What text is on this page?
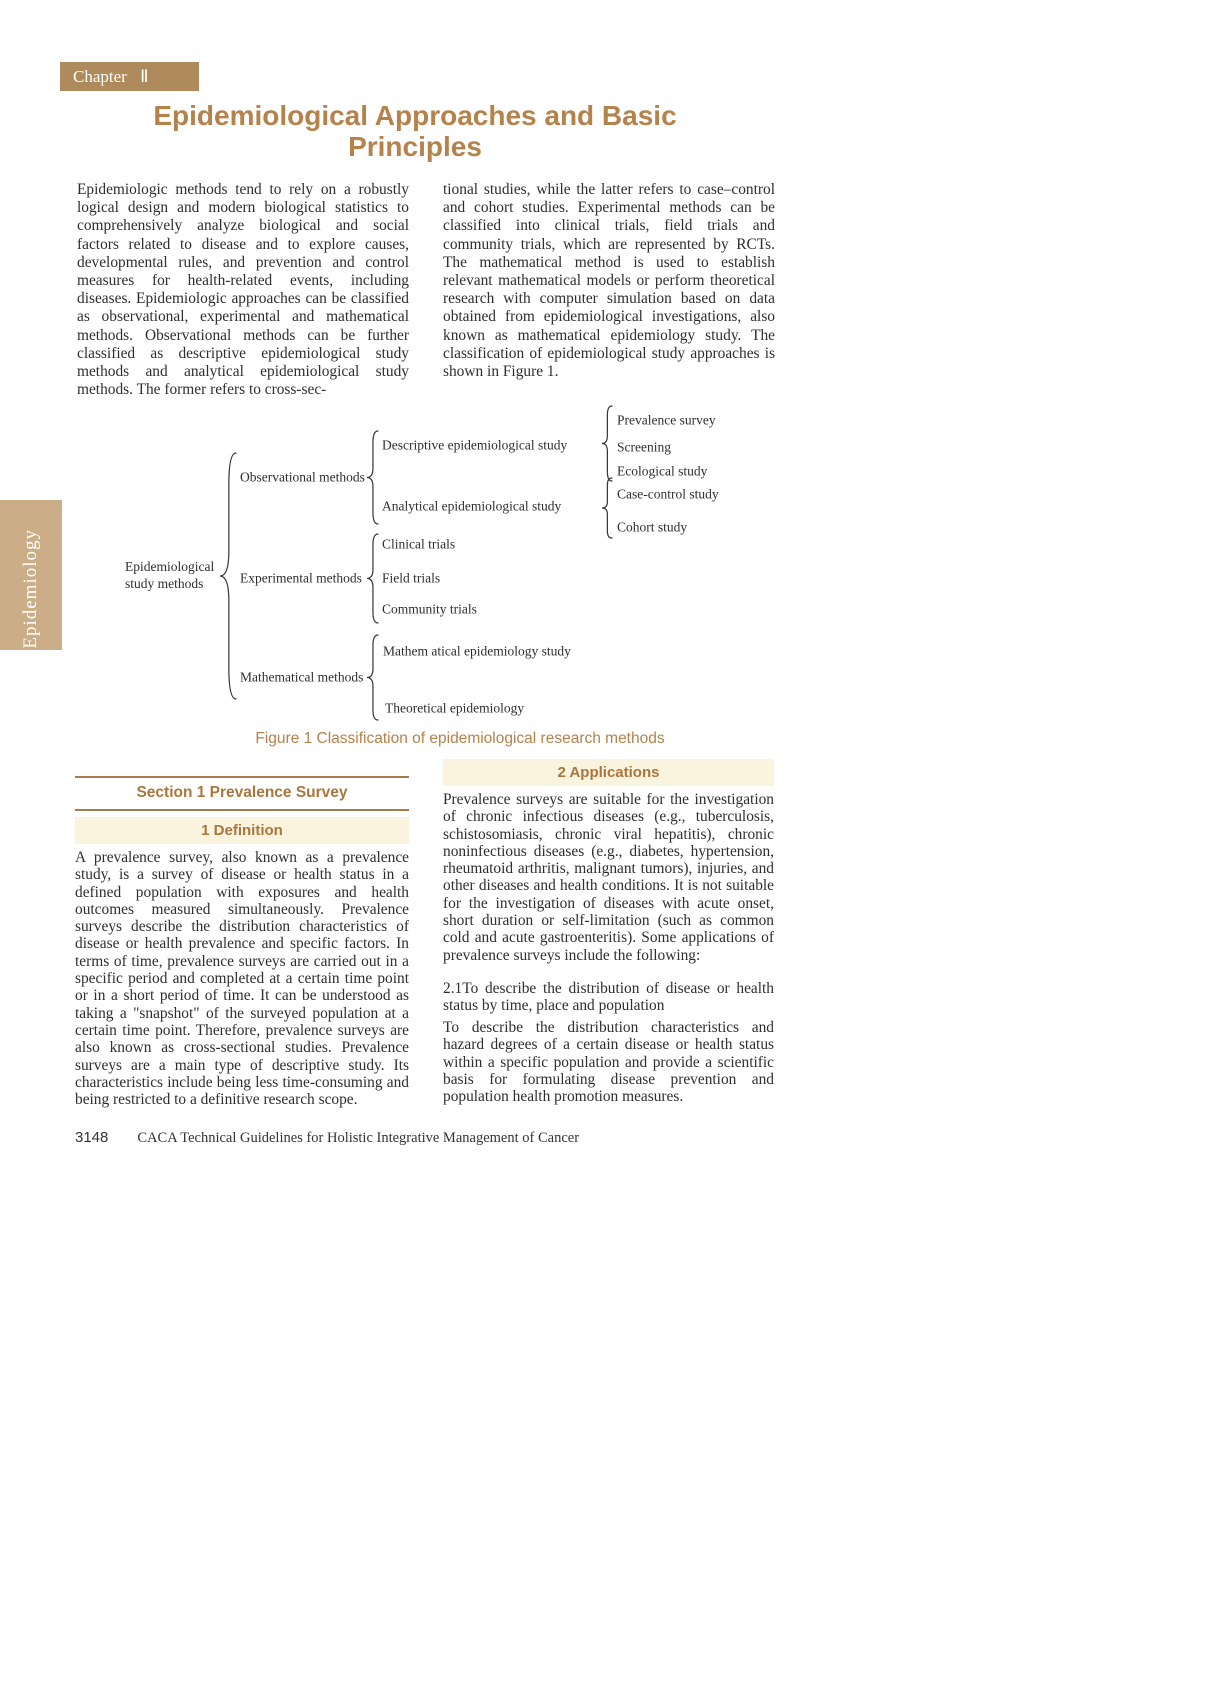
Epidemiology
Chapter Ⅱ
Epidemiological Approaches and Basic
Principles
Epidemiologic methods tend to rely on a robustly logical design and modern biological statistics to comprehensively analyze biological and social factors related to disease and to explore causes, developmental rules, and prevention and control measures for health-related events, including diseases. Epidemiologic approaches can be classified as observational, experimental and mathematical methods. Observational methods can be further classified as descriptive epidemiological study methods and analytical epidemiological study methods. The former refers to cross-sec-
tional studies, while the latter refers to case–control and cohort studies. Experimental methods can be classified into clinical trials, field trials and community trials, which are represented by RCTs. The mathematical method is used to establish relevant mathematical models or perform theoretical research with computer simulation based on data obtained from epidemiological investigations, also known as mathematical epidemiology study. The classification of epidemiological study approaches is shown in Figure 1.
Epidemiological
study methods
Observational methods
Experimental methods
Mathematical methods
Descriptive epidemiological study
Analytical epidemiological study
Clinical trials
Field trials
Community trials
Mathem atical epidemiology study
Theoretical epidemiology
Prevalence survey
Screening
Ecological study
Case-control study
Cohort study
Figure 1 Classification of epidemiological research methods
Section 1 Prevalence Survey
1 Definition
A prevalence survey, also known as a prevalence study, is a survey of disease or health status in a defined population with exposures and health outcomes measured simultaneously. Prevalence surveys describe the distribution characteristics of disease or health prevalence and specific factors. In terms of time, prevalence surveys are carried out in a specific period and completed at a certain time point or in a short period of time. It can be understood as taking a "snapshot" of the surveyed population at a certain time point. Therefore, prevalence surveys are also known as cross-sectional studies. Prevalence surveys are a main type of descriptive study. Its characteristics include being less time-consuming and being restricted to a definitive research scope.
2 Applications
Prevalence surveys are suitable for the investigation of chronic infectious diseases (e.g., tuberculosis, schistosomiasis, chronic viral hepatitis), chronic noninfectious diseases (e.g., diabetes, hypertension, rheumatoid arthritis, malignant tumors), injuries, and other diseases and health conditions. It is not suitable for the investigation of diseases with acute onset, short duration or self-limitation (such as common cold and acute gastroenteritis). Some applications of prevalence surveys include the following:
2.1To describe the distribution of disease or health status by time, place and population
To describe the distribution characteristics and hazard degrees of a certain disease or health status within a specific population and provide a scientific basis for formulating disease prevention and population health promotion measures.
3148 CACA Technical Guidelines for Holistic Integrative Management of Cancer
